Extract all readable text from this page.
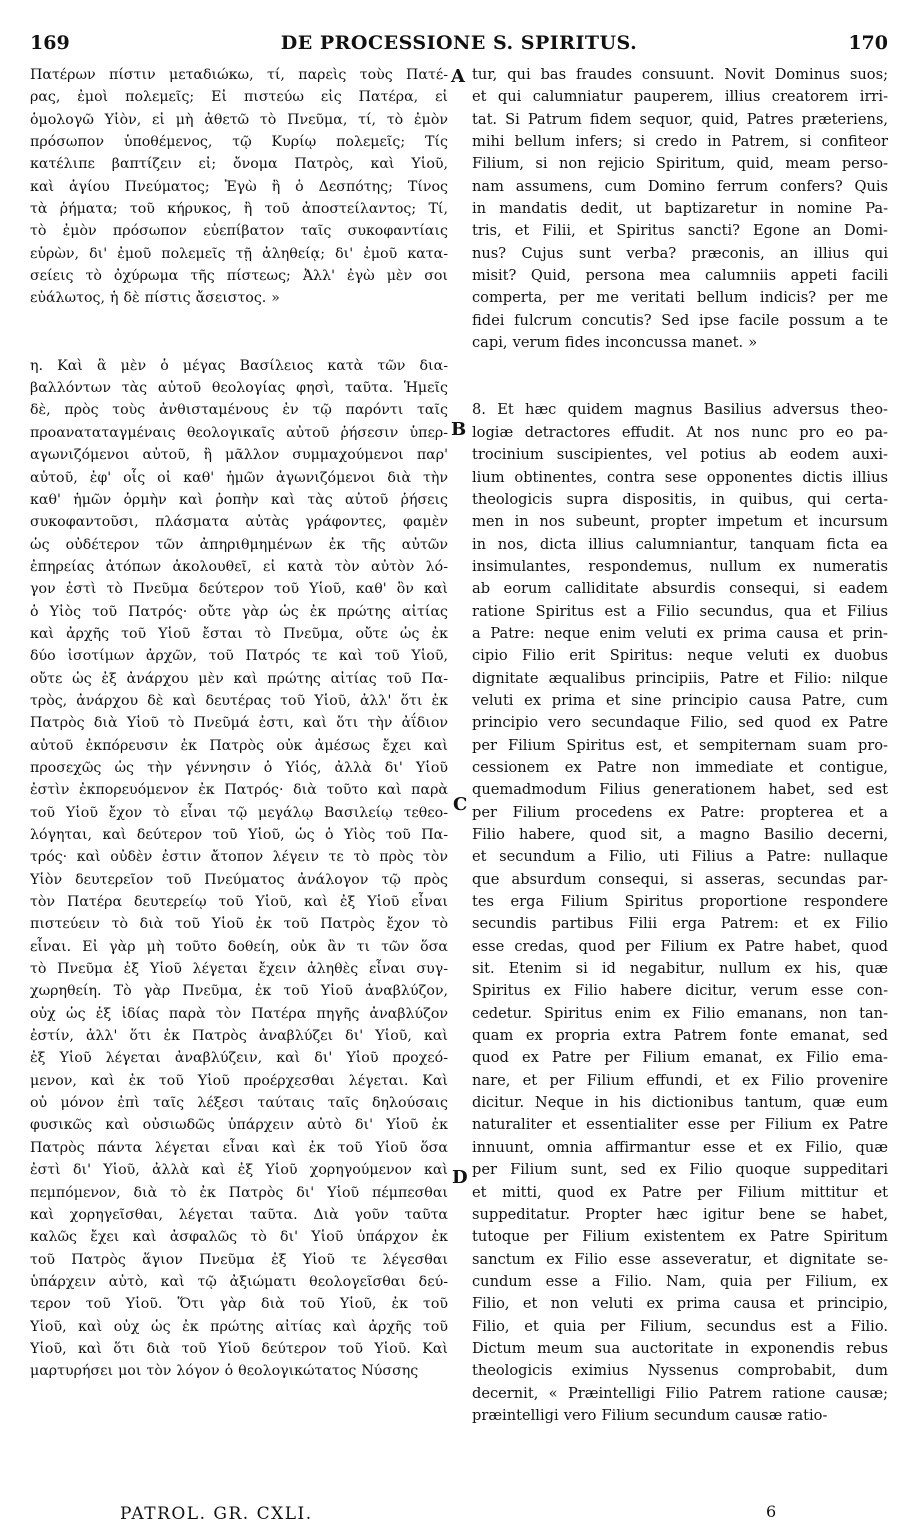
169	DE PROCESSIONE S. SPIRITUS.	170

Πατέρων πίστιν μεταδιώκω, τί, παρεὶς τοὺς Πατέ-
ρας, ἐμοὶ πολεμεῖς; Εἰ πιστεύω εἰς Πατέρα, εἰ
ὁμολογῶ Υἱὸν, εἰ μὴ ἀθετῶ τὸ Πνεῦμα, τί, τὸ ἐμὸν
πρόσωπον ὑποθέμενος, τῷ Κυρίῳ πολεμεῖς; Τίς
κατέλιπε βαπτίζειν εἰ; ὄνομα Πατρὸς, καὶ Υἱοῦ,
καὶ ἁγίου Πνεύματος; Ἐγὼ ἢ ὁ Δεσπότης; Τίνος
τὰ ῥήματα; τοῦ κήρυκος, ἢ τοῦ ἀποστείλαντος; Τί,
τὸ ἐμὸν πρόσωπον εὐεπίβατον ταῖς συκοφαντίαις
εὑρὼν, δι' ἐμοῦ πολεμεῖς τῇ ἀληθείᾳ; δι' ἐμοῦ κατα-
σείεις τὸ ὀχύρωμα τῆς πίστεως; Ἀλλ' ἐγὼ μὲν σοι
εὐάλωτος, ἡ δὲ πίστις ἄσειστος. »

η. Καὶ ἃ μὲν ὁ μέγας Βασίλειος κατὰ τῶν δια-
βαλλόντων τὰς αὐτοῦ θεολογίας φησὶ, ταῦτα. Ἡμεῖς
δὲ, πρὸς τοὺς ἀνθισταμένους ἐν τῷ παρόντι ταῖς
προαναταταγμέναις θεολογικαῖς αὐτοῦ ῥήσεσιν ὑπερ-
αγωνιζόμενοι αὐτοῦ, ἢ μᾶλλον συμμαχούμενοι παρ'
αὐτοῦ, ἐφ' οἷς οἱ καθ' ἡμῶν ἀγωνιζόμενοι διὰ τὴν
καθ' ἡμῶν ὁρμὴν καὶ ῥοπὴν καὶ τὰς αὐτοῦ ῥήσεις
συκοφαντοῦσι, πλάσματα αὐτὰς γράφοντες, φαμὲν
ὡς οὐδέτερον τῶν ἀπηριθμημένων ἐκ τῆς αὐτῶν
ἐπηρείας ἀτόπων ἀκολουθεῖ, εἰ κατὰ τὸν αὐτὸν λό-
γον ἐστὶ τὸ Πνεῦμα δεύτερον τοῦ Υἱοῦ, καθ' ὃν καὶ
ὁ Υἱὸς τοῦ Πατρός· οὔτε γὰρ ὡς ἐκ πρώτης αἰτίας
καὶ ἀρχῆς τοῦ Υἱοῦ ἔσται τὸ Πνεῦμα, οὔτε ὡς ἐκ
δύο ἰσοτίμων ἀρχῶν, τοῦ Πατρός τε καὶ τοῦ Υἱοῦ,
οὔτε ὡς ἐξ ἀνάρχου μὲν καὶ πρώτης αἰτίας τοῦ Πα-
τρὸς, ἀνάρχου δὲ καὶ δευτέρας τοῦ Υἱοῦ, ἀλλ' ὅτι ἐκ
Πατρὸς διὰ Υἱοῦ τὸ Πνεῦμά ἐστι, καὶ ὅτι τὴν ἀΐδιον
αὐτοῦ ἐκπόρευσιν ἐκ Πατρὸς οὐκ ἀμέσως ἔχει καὶ
προσεχῶς ὡς τὴν γέννησιν ὁ Υἱός, ἀλλὰ δι' Υἱοῦ
ἐστὶν ἐκπορευόμενον ἐκ Πατρός· διὰ τοῦτο καὶ παρὰ
τοῦ Υἱοῦ ἔχον τὸ εἶναι τῷ μεγάλῳ Βασιλείῳ τεθεο-
λόγηται, καὶ δεύτερον τοῦ Υἱοῦ, ὡς ὁ Υἱὸς τοῦ Πα-
τρός· καὶ οὐδὲν ἐστιν ἄτοπον λέγειν τε τὸ πρὸς τὸν
Υἱὸν δευτερεῖον τοῦ Πνεύματος ἀνάλογον τῷ πρὸς
τὸν Πατέρα δευτερείῳ τοῦ Υἱοῦ, καὶ ἐξ Υἱοῦ εἶναι
πιστεύειν τὸ διὰ τοῦ Υἱοῦ ἐκ τοῦ Πατρὸς ἔχον τὸ
εἶναι. Εἰ γὰρ μὴ τοῦτο δοθείη, οὐκ ἂν τι τῶν ὅσα
τὸ Πνεῦμα ἐξ Υἱοῦ λέγεται ἔχειν ἀληθὲς εἶναι συγ-
χωρηθείη. Τὸ γὰρ Πνεῦμα, ἐκ τοῦ Υἱοῦ ἀναβλύζον,
οὐχ ὡς ἐξ ἰδίας παρὰ τὸν Πατέρα πηγῆς ἀναβλύζον
ἐστίν, ἀλλ' ὅτι ἐκ Πατρὸς ἀναβλύζει δι' Υἱοῦ, καὶ
ἐξ Υἱοῦ λέγεται ἀναβλύζειν, καὶ δι' Υἱοῦ προχεό-
μενον, καὶ ἐκ τοῦ Υἱοῦ προέρχεσθαι λέγεται. Καὶ
οὐ μόνον ἐπὶ ταῖς λέξεσι ταύταις ταῖς δηλούσαις
φυσικῶς καὶ οὐσιωδῶς ὑπάρχειν αὐτὸ δι' Υἱοῦ ἐκ
Πατρὸς πάντα λέγεται εἶναι καὶ ἐκ τοῦ Υἱοῦ ὅσα
ἐστὶ δι' Υἱοῦ, ἀλλὰ καὶ ἐξ Υἱοῦ χορηγούμενον καὶ
πεμπόμενον, διὰ τὸ ἐκ Πατρὸς δι' Υἱοῦ πέμπεσθαι
καὶ χορηγεῖσθαι, λέγεται ταῦτα. Διὰ γοῦν ταῦτα
καλῶς ἔχει καὶ ἀσφαλῶς τὸ δι' Υἱοῦ ὑπάρχον ἐκ
τοῦ Πατρὸς ἅγιον Πνεῦμα ἐξ Υἱοῦ τε λέγεσθαι
ὑπάρχειν αὐτὸ, καὶ τῷ ἀξιώματι θεολογεῖσθαι δεύ-
τερον τοῦ Υἱοῦ. Ὅτι γὰρ διὰ τοῦ Υἱοῦ, ἐκ τοῦ
Υἱοῦ, καὶ οὐχ ὡς ἐκ πρώτης αἰτίας καὶ ἀρχῆς τοῦ
Υἱοῦ, καὶ ὅτι διὰ τοῦ Υἱοῦ δεύτερον τοῦ Υἱοῦ. Καὶ
μαρτυρήσει μοι τὸν λόγον ὁ θεολογικώτατος Νύσσης

tur, qui bas fraudes consuunt. Novit Dominus suos;
et qui calumniatur pauperem, illius creatorem irri-
tat. Si Patrum fidem sequor, quid, Patres præteriens,
mihi bellum infers; si credo in Patrem, si confiteor
Filium, si non rejicio Spiritum, quid, meam perso-
nam assumens, cum Domino ferrum confers? Quis
in mandatis dedit, ut baptizaretur in nomine Pa-
tris, et Filii, et Spiritus sancti? Egone an Domi-
nus? Cujus sunt verba? præconis, an illius qui
misit? Quid, persona mea calumniis appeti facili
comperta, per me veritati bellum indicis? per me
fidei fulcrum concutis? Sed ipse facile possum a te
capi, verum fides inconcussa manet. »

8. Et hæc quidem magnus Basilius adversus theo-
logiæ detractores effudit. At nos nunc pro eo pa-
trocinium suscipientes, vel potius ab eodem auxi-
lium obtinentes, contra sese opponentes dictis illius
theologicis supra dispositis, in quibus, qui certa-
men in nos subeunt, propter impetum et incursum
in nos, dicta illius calumniantur, tanquam ficta ea
insimulantes, respondemus, nullum ex numeratis
ab eorum calliditate absurdis consequi, si eadem
ratione Spiritus est a Filio secundus, qua et Filius
a Patre: neque enim veluti ex prima causa et prin-
cipio Filio erit Spiritus: neque veluti ex duobus
dignitate æqualibus principiis, Patre et Filio: nilque
veluti ex prima et sine principio causa Patre, cum
principio vero secundaque Filio, sed quod ex Patre
per Filium Spiritus est, et sempiternam suam pro-
cessionem ex Patre non immediate et contigue,
quemadmodum Filius generationem habet, sed est
per Filium procedens ex Patre: propterea et a
Filio habere, quod sit, a magno Basilio decerni,
et secundum a Filio, uti Filius a Patre: nullaque
que absurdum consequi, si asseras, secundas par-
tes erga Filium Spiritus proportione respondere
secundis partibus Filii erga Patrem: et ex Filio
esse credas, quod per Filium ex Patre habet, quod
sit. Etenim si id negabitur, nullum ex his, quæ
Spiritus ex Filio habere dicitur, verum esse con-
cedetur. Spiritus enim ex Filio emanans, non tan-
quam ex propria extra Patrem fonte emanat, sed
quod ex Patre per Filium emanat, ex Filio ema-
nare, et per Filium effundi, et ex Filio provenire
dicitur. Neque in his dictionibus tantum, quæ eum
naturaliter et essentialiter esse per Filium ex Patre
innuunt, omnia affirmantur esse et ex Filio, quæ
per Filium sunt, sed ex Filio quoque suppeditari
et mitti, quod ex Patre per Filium mittitur et
suppeditatur. Propter hæc igitur bene se habet,
tutoque per Filium existentem ex Patre Spiritum
sanctum ex Filio esse asseveratur, et dignitate se-
cundum esse a Filio. Nam, quia per Filium, ex
Filio, et non veluti ex prima causa et principio,
Filio, et quia per Filium, secundus est a Filio.
Dictum meum sua auctoritate in exponendis rebus
theologicis eximius Nyssenus comprobabit, dum
decernit, « Præintelligi Filio Patrem ratione causæ;
præintelligi vero Filium secundum causæ ratio-

A
B
C
D
PATROL. GR. CXLI.	6
